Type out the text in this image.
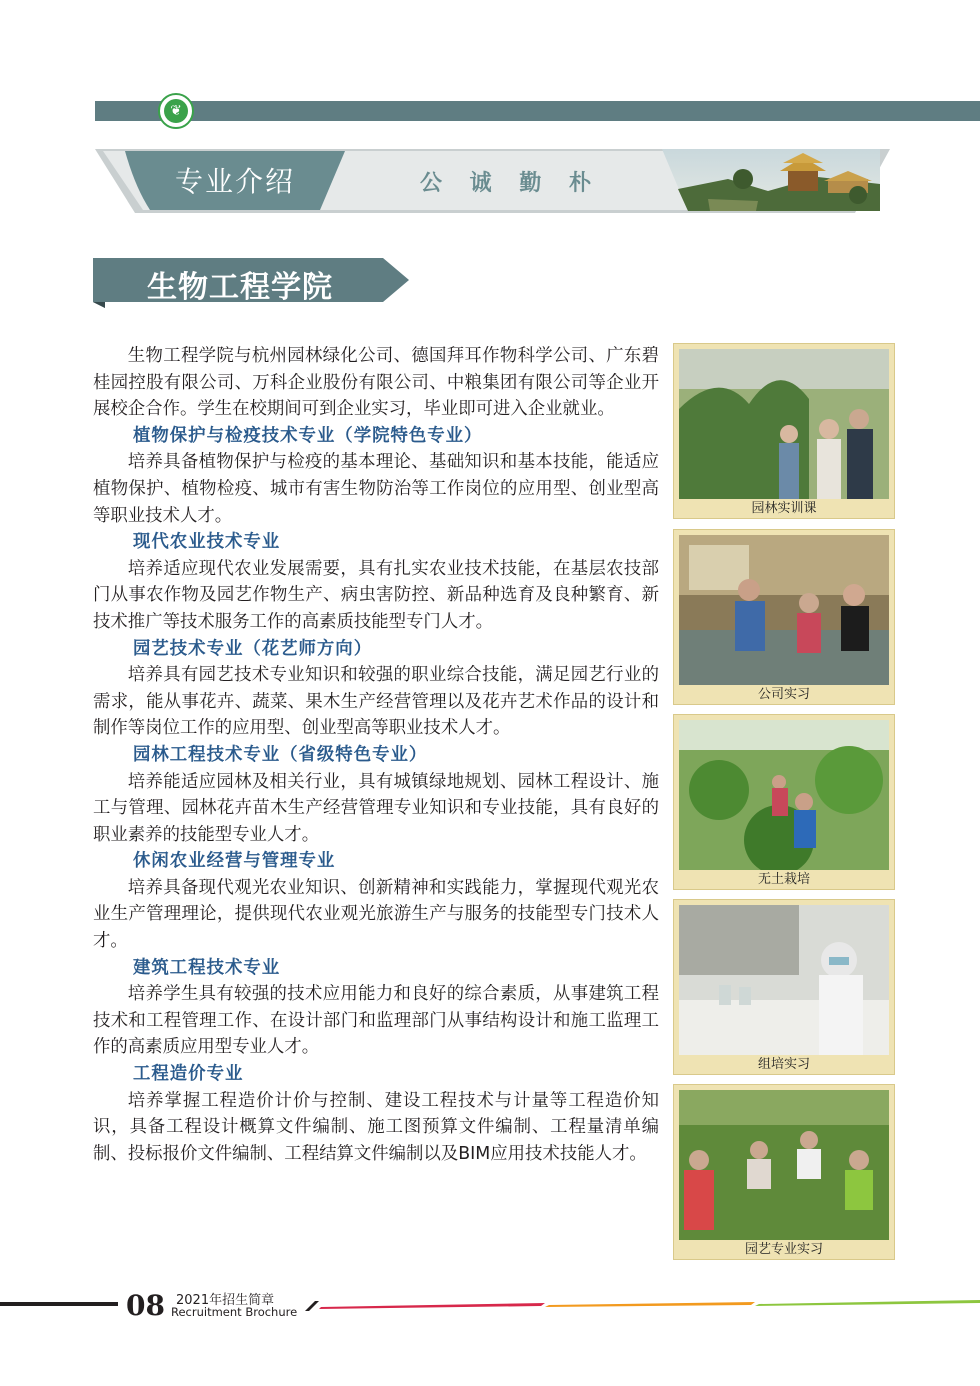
❦
专业介绍	公 诚 勤 朴
生物工程学院

生物工程学院与杭州园林绿化公司、德国拜耳作物科学公司、广东碧桂园控股有限公司、万科企业股份有限公司、中粮集团有限公司等企业开展校企合作。学生在校期间可到企业实习，毕业即可进入企业就业。

植物保护与检疫技术专业（学院特色专业）

培养具备植物保护与检疫的基本理论、基础知识和基本技能，能适应植物保护、植物检疫、城市有害生物防治等工作岗位的应用型、创业型高等职业技术人才。

现代农业技术专业

培养适应现代农业发展需要，具有扎实农业技术技能，在基层农技部门从事农作物及园艺作物生产、病虫害防控、新品种选育及良种繁育、新技术推广等技术服务工作的高素质技能型专门人才。

园艺技术专业（花艺师方向）

培养具有园艺技术专业知识和较强的职业综合技能，满足园艺行业的需求，能从事花卉、蔬菜、果木生产经营管理以及花卉艺术作品的设计和制作等岗位工作的应用型、创业型高等职业技术人才。

园林工程技术专业（省级特色专业）

培养能适应园林及相关行业，具有城镇绿地规划、园林工程设计、施工与管理、园林花卉苗木生产经营管理专业知识和专业技能，具有良好的职业素养的技能型专业人才。

休闲农业经营与管理专业

培养具备现代观光农业知识、创新精神和实践能力，掌握现代观光农业生产管理理论，提供现代农业观光旅游生产与服务的技能型专门技术人才。

建筑工程技术专业

培养学生具有较强的技术应用能力和良好的综合素质，从事建筑工程技术和工程管理工作、在设计部门和监理部门从事结构设计和施工监理工作的高素质应用型专业人才。

工程造价专业

培养掌握工程造价计价与控制、建设工程技术与计量等工程造价知识，具备工程设计概算文件编制、施工图预算文件编制、工程量清单编制、投标报价文件编制、工程结算文件编制以及BIM应用技术技能人才。

园林实训课
公司实习
无土栽培
组培实习
园艺专业实习
08 2021年招生简章
Recruitment Brochure
